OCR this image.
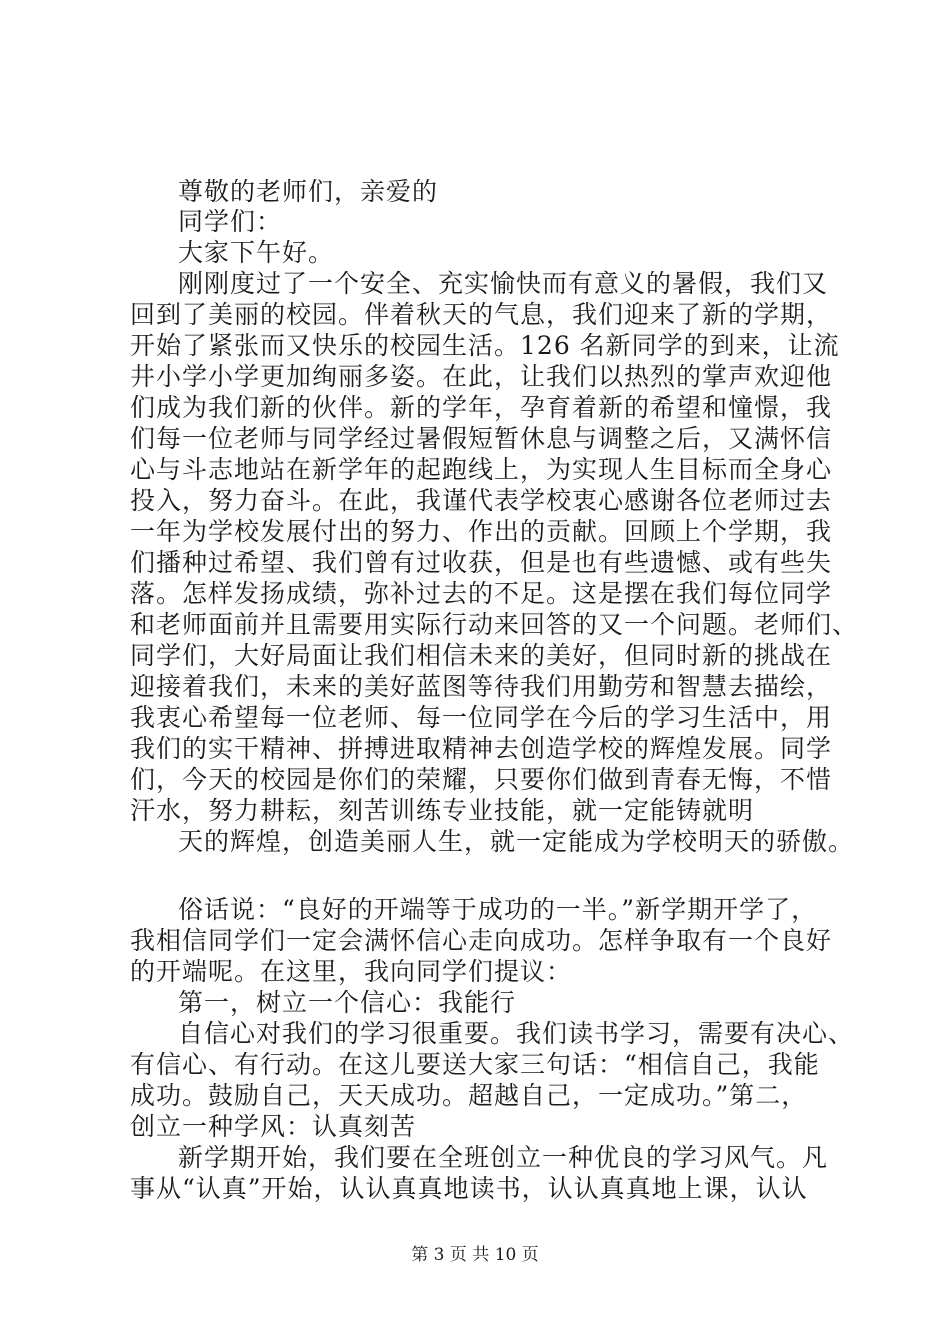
尊敬的老师们，亲爱的
同学们：
大家下午好。
刚刚度过了一个安全、充实愉快而有意义的暑假，我们又
回到了美丽的校园。伴着秋天的气息，我们迎来了新的学期，
开始了紧张而又快乐的校园生活。126 名新同学的到来，让流
井小学小学更加绚丽多姿。在此，让我们以热烈的掌声欢迎他
们成为我们新的伙伴。新的学年，孕育着新的希望和憧憬，我
们每一位老师与同学经过暑假短暂休息与调整之后，又满怀信
心与斗志地站在新学年的起跑线上，为实现人生目标而全身心
投入，努力奋斗。在此，我谨代表学校衷心感谢各位老师过去
一年为学校发展付出的努力、作出的贡献。回顾上个学期，我
们播种过希望、我们曾有过收获，但是也有些遗憾、或有些失
落。怎样发扬成绩，弥补过去的不足。这是摆在我们每位同学
和老师面前并且需要用实际行动来回答的又一个问题。老师们、
同学们，大好局面让我们相信未来的美好，但同时新的挑战在
迎接着我们，未来的美好蓝图等待我们用勤劳和智慧去描绘，
我衷心希望每一位老师、每一位同学在今后的学习生活中，用
我们的实干精神、拼搏进取精神去创造学校的辉煌发展。同学
们，今天的校园是你们的荣耀，只要你们做到青春无悔，不惜
汗水，努力耕耘，刻苦训练专业技能，就一定能铸就明
天的辉煌，创造美丽人生，就一定能成为学校明天的骄傲。
俗话说：“良好的开端等于成功的一半。”新学期开学了，
我相信同学们一定会满怀信心走向成功。怎样争取有一个良好
的开端呢。在这里，我向同学们提议：
第一，树立一个信心：我能行
自信心对我们的学习很重要。我们读书学习，需要有决心、
有信心、有行动。在这儿要送大家三句话：“相信自己，我能
成功。鼓励自己，天天成功。超越自己，一定成功。”第二，
创立一种学风：认真刻苦
新学期开始，我们要在全班创立一种优良的学习风气。凡
事从“认真”开始，认认真真地读书，认认真真地上课，认认
第 3 页 共 10 页
